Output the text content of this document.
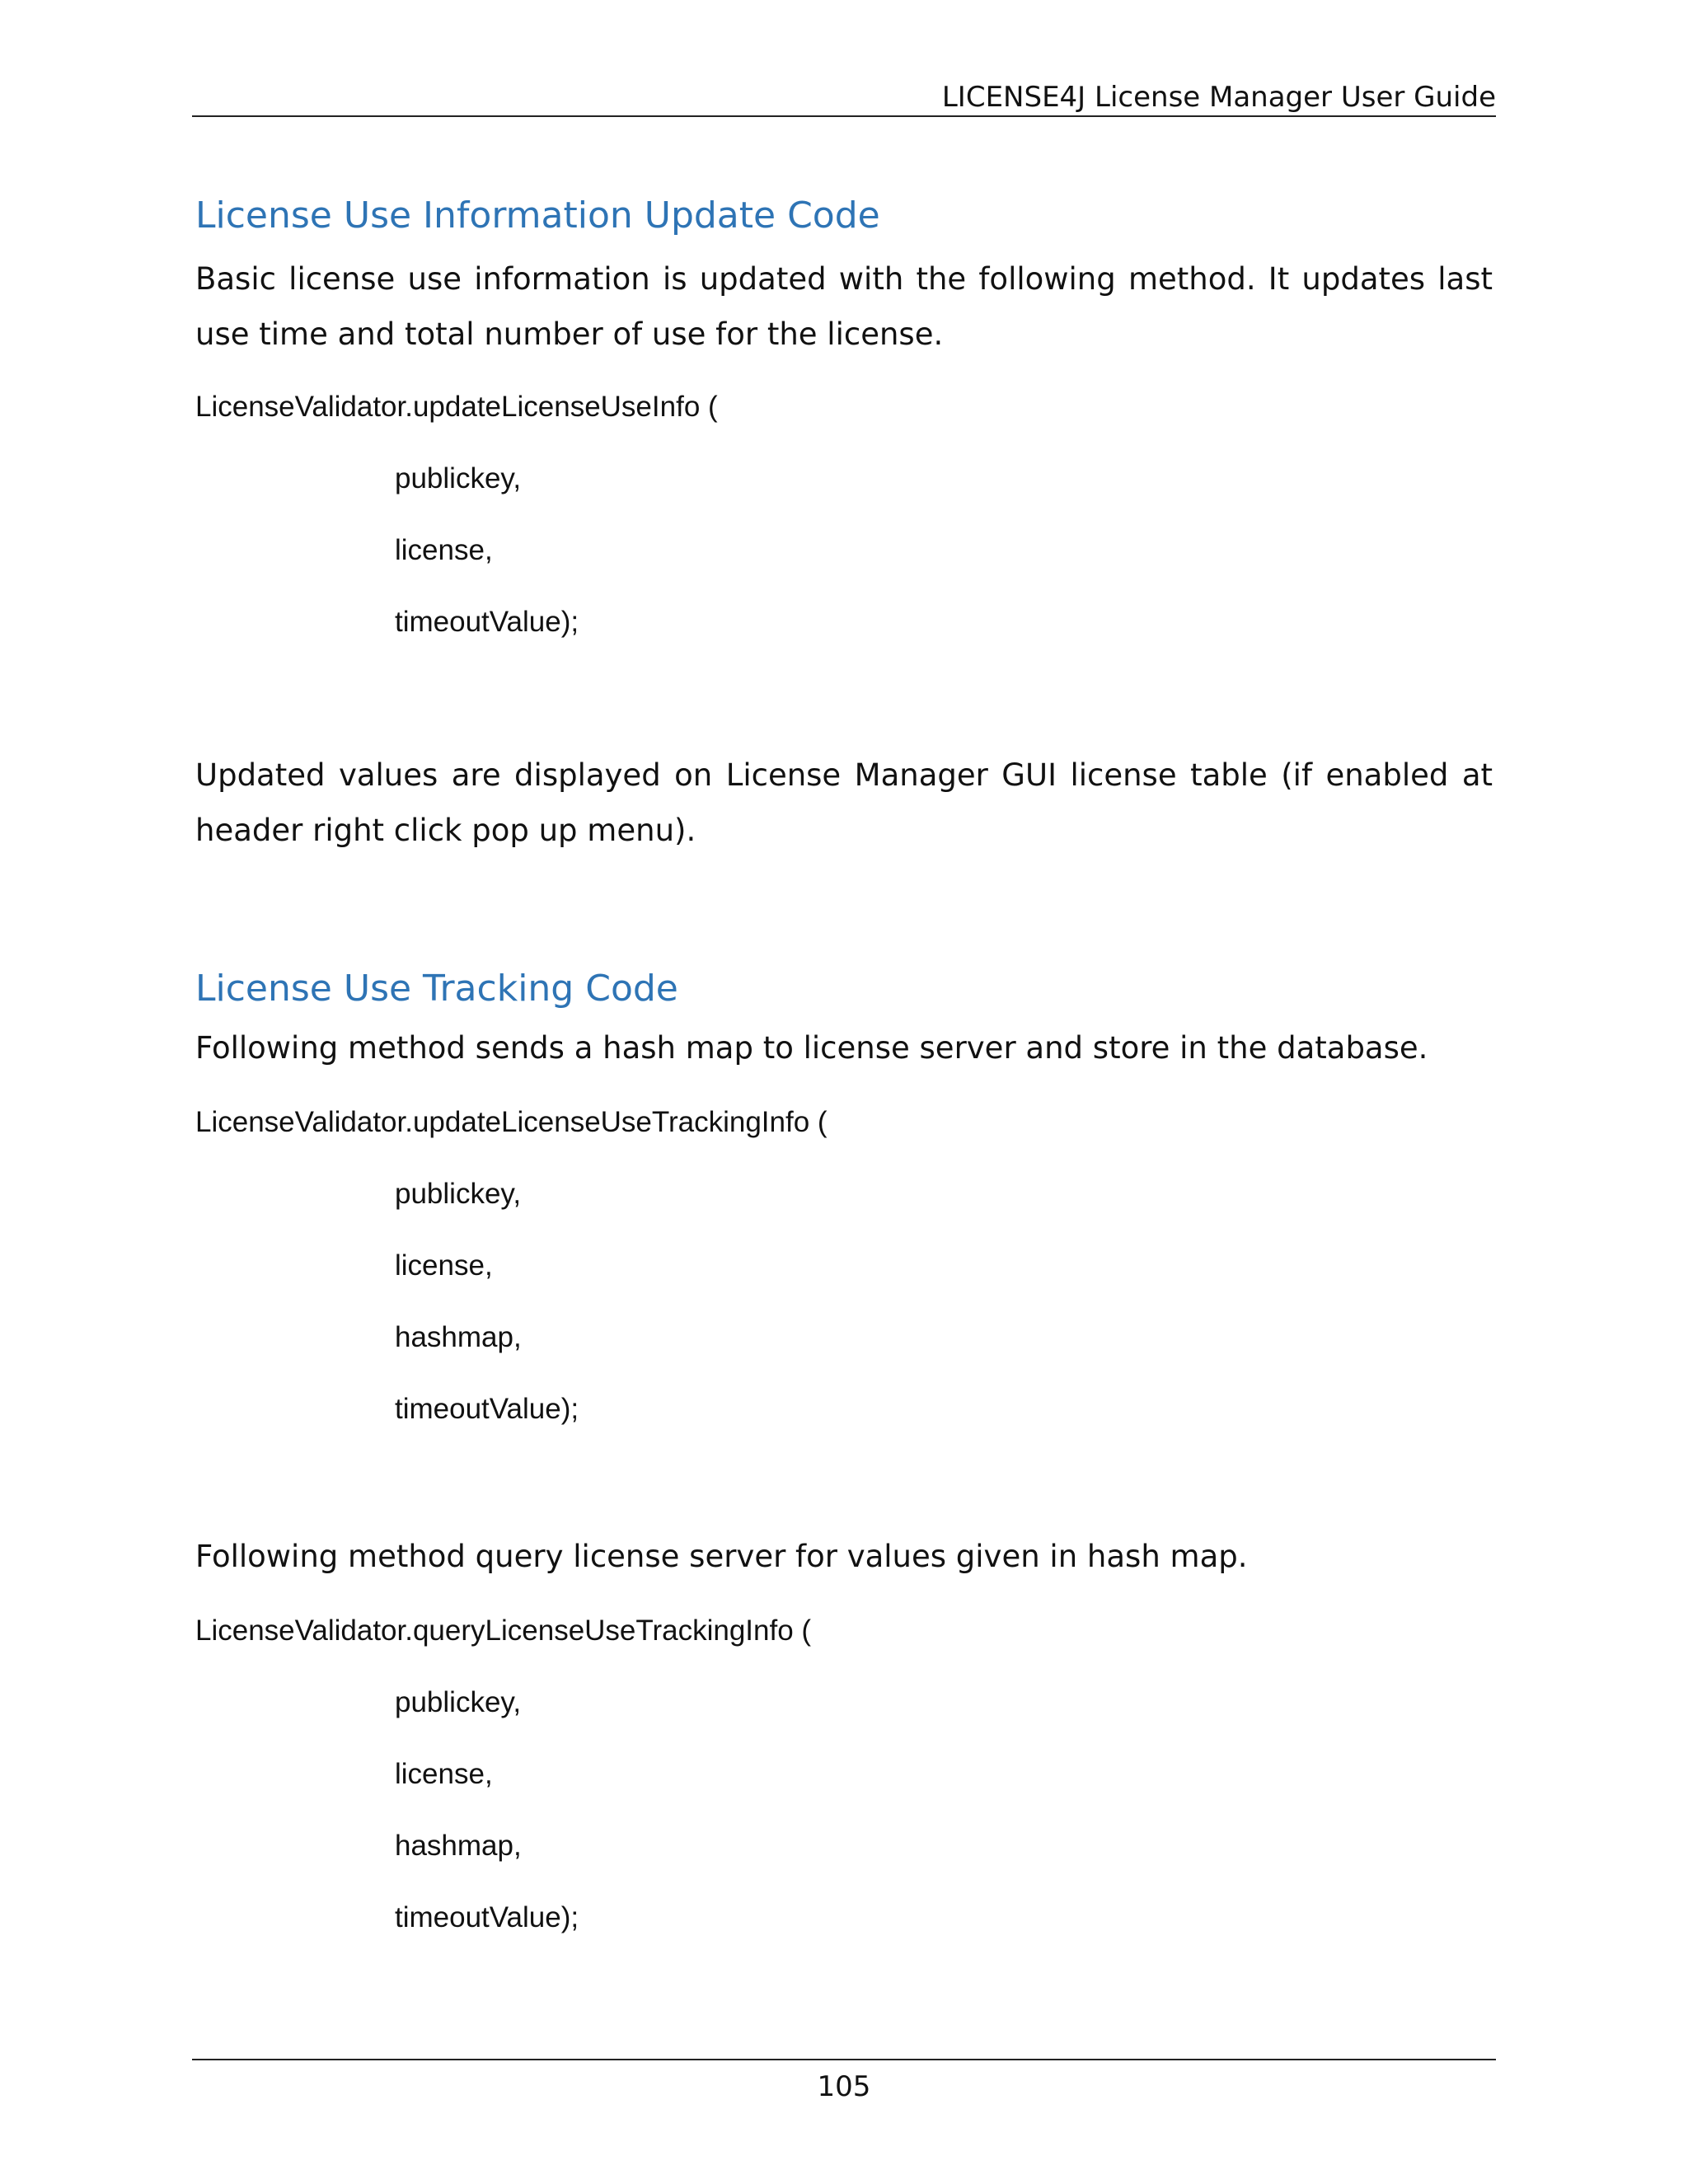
LICENSE4J License Manager User Guide
License Use Information Update Code
Basic license use information is updated with the following method. It updates last use time and total number of use for the license.
LicenseValidator.updateLicenseUseInfo (
publickey,
license,
timeoutValue);
Updated values are displayed on License Manager GUI license table (if enabled at header right click pop up menu).
License Use Tracking Code
Following method sends a hash map to license server and store in the database.
LicenseValidator.updateLicenseUseTrackingInfo (
publickey,
license,
hashmap,
timeoutValue);
Following method query license server for values given in hash map.
LicenseValidator.queryLicenseUseTrackingInfo (
publickey,
license,
hashmap,
timeoutValue);
105
